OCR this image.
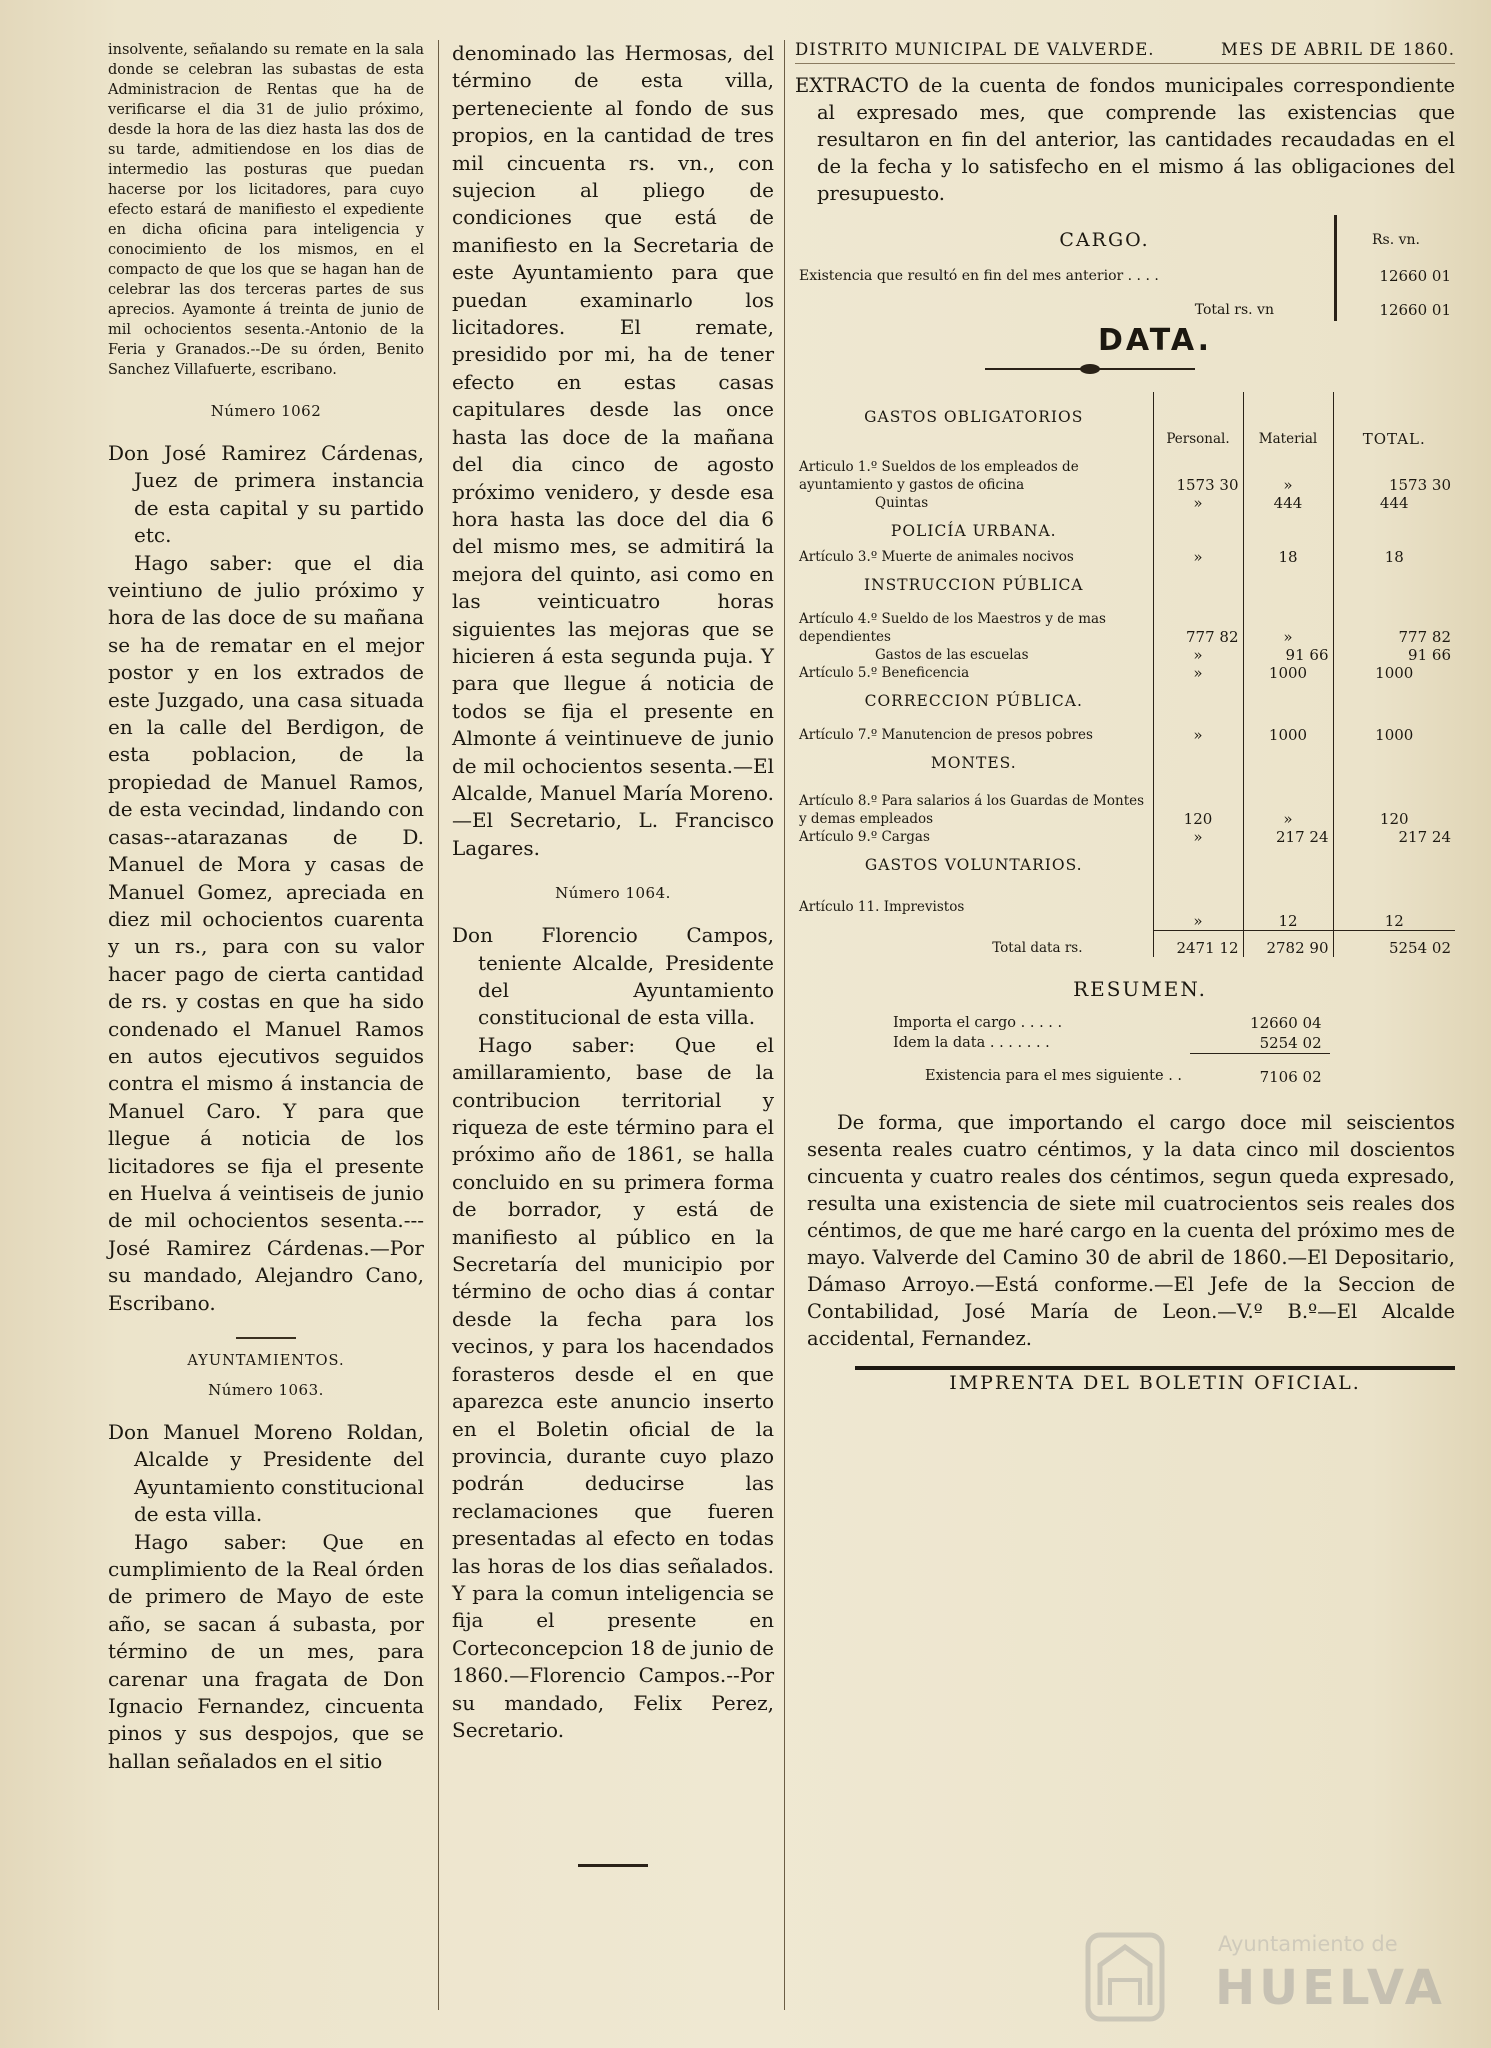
insolvente, señalando su remate en la sala donde se celebran las subastas de esta Administracion de Rentas que ha de verificarse el dia 31 de julio próximo, desde la hora de las diez hasta las dos de su tarde, admitiendose en los dias de intermedio las posturas que puedan hacerse por los licitadores, para cuyo efecto estará de manifiesto el expediente en dicha oficina para inteligencia y conocimiento de los mismos, en el compacto de que los que se hagan han de celebrar las dos terceras partes de sus aprecios. Ayamonte á treinta de junio de mil ochocientos sesenta.-Antonio de la Feria y Granados.--De su órden, Benito Sanchez Villafuerte, escribano.

Número 1062

Don José Ramirez Cárdenas, Juez de primera instancia de esta capital y su partido etc.

Hago saber: que el dia veintiuno de julio próximo y hora de las doce de su mañana se ha de rematar en el mejor postor y en los extrados de este Juzgado, una casa situada en la calle del Berdigon, de esta poblacion, de la propiedad de Manuel Ramos, de esta vecindad, lindando con casas--atarazanas de D. Manuel de Mora y casas de Manuel Gomez, apreciada en diez mil ochocientos cuarenta y un rs., para con su valor hacer pago de cierta cantidad de rs. y costas en que ha sido condenado el Manuel Ramos en autos ejecutivos seguidos contra el mismo á instancia de Manuel Caro. Y para que llegue á noticia de los licitadores se fija el presente en Huelva á veintiseis de junio de mil ochocientos sesenta.---José Ramirez Cárdenas.—Por su mandado, Alejandro Cano, Escribano.

AYUNTAMIENTOS.
Número 1063.

Don Manuel Moreno Roldan, Alcalde y Presidente del Ayuntamiento constitucional de esta villa.

Hago saber: Que en cumplimiento de la Real órden de primero de Mayo de este año, se sacan á subasta, por término de un mes, para carenar una fragata de Don Ignacio Fernandez, cincuenta pinos y sus despojos, que se hallan señalados en el sitio

denominado las Hermosas, del término de esta villa, perteneciente al fondo de sus propios, en la cantidad de tres mil cincuenta rs. vn., con sujecion al pliego de condiciones que está de manifiesto en la Secretaria de este Ayuntamiento para que puedan examinarlo los licitadores. El remate, presidido por mi, ha de tener efecto en estas casas capitulares desde las once hasta las doce de la mañana del dia cinco de agosto próximo venidero, y desde esa hora hasta las doce del dia 6 del mismo mes, se admitirá la mejora del quinto, asi como en las veinticuatro horas siguientes las mejoras que se hicieren á esta segunda puja. Y para que llegue á noticia de todos se fija el presente en Almonte á veintinueve de junio de mil ochocientos sesenta.—El Alcalde, Manuel María Moreno.—El Secretario, L. Francisco Lagares.

Número 1064.

Don Florencio Campos, teniente Alcalde, Presidente del Ayuntamiento constitucional de esta villa.

Hago saber: Que el amillaramiento, base de la contribucion territorial y riqueza de este término para el próximo año de 1861, se halla concluido en su primera forma de borrador, y está de manifiesto al público en la Secretaría del municipio por término de ocho dias á contar desde la fecha para los vecinos, y para los hacendados forasteros desde el en que aparezca este anuncio inserto en el Boletin oficial de la provincia, durante cuyo plazo podrán deducirse las reclamaciones que fueren presentadas al efecto en todas las horas de los dias señalados. Y para la comun inteligencia se fija el presente en Corteconcepcion 18 de junio de 1860.—Florencio Campos.--Por su mandado, Felix Perez, Secretario.

DISTRITO MUNICIPAL DE VALVERDE.	MES DE ABRIL DE 1860.

EXTRACTO de la cuenta de fondos municipales correspondiente al expresado mes, que comprende las existencias que resultaron en fin del anterior, las cantidades recaudadas en el de la fecha y lo satisfecho en el mismo á las obligaciones del presupuesto.

CARGO.	Rs. vn.
Existencia que resultó en fin del mes anterior . . . .	12660 01
Total rs. vn	12660 01
DATA.
GASTOS OBLIGATORIOS	Personal.	Material	TOTAL.
Articulo 1.º Sueldos de los empleados de ayuntamiento y gastos de oficina	1573 30	»	1573 30
Quintas	»	444	444
POLICÍA URBANA.			
Artículo 3.º Muerte de animales nocivos	»	18	18
INSTRUCCION PÚBLICA			
Artículo 4.º Sueldo de los Maestros y de mas dependientes	777 82	»	777 82
Gastos de las escuelas	»	91 66	91 66
Artículo 5.º Beneficencia	»	1000	1000
CORRECCION PÚBLICA.			
Artículo 7.º Manutencion de presos pobres	»	1000	1000
MONTES.			
Artículo 8.º Para salarios á los Guardas de Montes y demas empleados	120	»	120
Artículo 9.º Cargas	»	217 24	217 24
GASTOS VOLUNTARIOS.			
Artículo 11. Imprevistos	»	12	12
Total data rs.	2471 12	2782 90	5254 02
RESUMEN.
Importa el cargo . . . . .	12660 04
Idem la data . . . . . . .	5254 02
Existencia para el mes siguiente . .	7106 02

De forma, que importando el cargo doce mil seiscientos sesenta reales cuatro céntimos, y la data cinco mil doscientos cincuenta y cuatro reales dos céntimos, segun queda expresado, resulta una existencia de siete mil cuatrocientos seis reales dos céntimos, de que me haré cargo en la cuenta del próximo mes de mayo. Valverde del Camino 30 de abril de 1860.—El Depositario, Dámaso Arroyo.—Está conforme.—El Jefe de la Seccion de Contabilidad, José María de Leon.—V.º B.º—El Alcalde accidental, Fernandez.

IMPRENTA DEL BOLETIN OFICIAL.
Ayuntamiento de
HUELVA
